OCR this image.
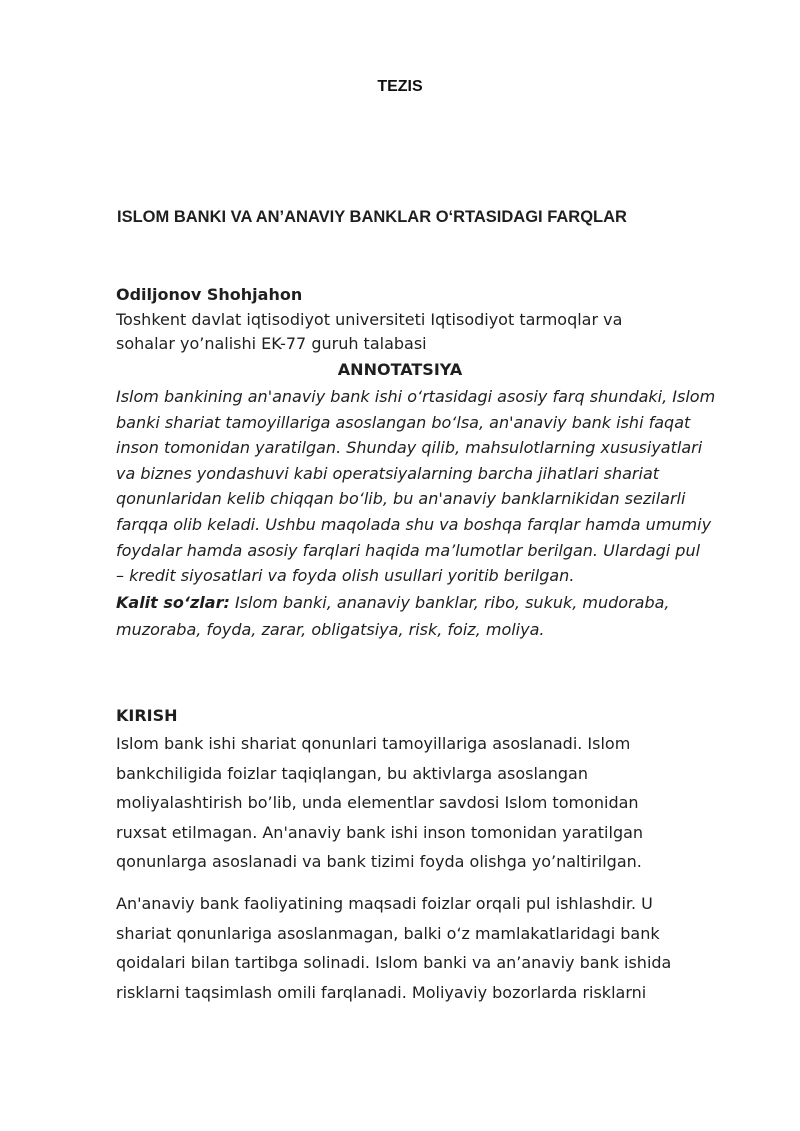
TEZIS
ISLOM BANKI VA AN’ANAVIY BANKLAR O‘RTASIDAGI FARQLAR
Odiljonov Shohjahon
Toshkent davlat iqtisodiyot universiteti Iqtisodiyot tarmoqlar va
sohalar yo’nalishi EK-77 guruh talabasi
ANNOTATSIYA

Islom bankining an'anaviy bank ishi o‘rtasidagi asosiy farq shundaki, Islom

banki shariat tamoyillariga asoslangan bo‘lsa, an'anaviy bank ishi faqat

inson tomonidan yaratilgan. Shunday qilib, mahsulotlarning xususiyatlari

va biznes yondashuvi kabi operatsiyalarning barcha jihatlari shariat

qonunlaridan kelib chiqqan bo‘lib, bu an'anaviy banklarnikidan sezilarli

farqqa olib keladi. Ushbu maqolada shu va boshqa farqlar hamda umumiy

foydalar hamda asosiy farqlari haqida ma’lumotlar berilgan. Ulardagi pul

– kredit siyosatlari va foyda olish usullari yoritib berilgan.

Kalit so‘zlar: Islom banki, ananaviy banklar, ribo, sukuk, mudoraba,
muzoraba, foyda, zarar, obligatsiya, risk, foiz, moliya.
KIRISH
Islom bank ishi shariat qonunlari tamoyillariga asoslanadi. Islom
bankchiligida foizlar taqiqlangan, bu aktivlarga asoslangan
moliyalashtirish bo’lib, unda elementlar savdosi Islom tomonidan
ruxsat etilmagan. An'anaviy bank ishi inson tomonidan yaratilgan
qonunlarga asoslanadi va bank tizimi foyda olishga yo’naltirilgan.
An'anaviy bank faoliyatining maqsadi foizlar orqali pul ishlashdir. U
shariat qonunlariga asoslanmagan, balki o‘z mamlakatlaridagi bank
qoidalari bilan tartibga solinadi. Islom banki va an’anaviy bank ishida
risklarni taqsimlash omili farqlanadi. Moliyaviy bozorlarda risklarni
